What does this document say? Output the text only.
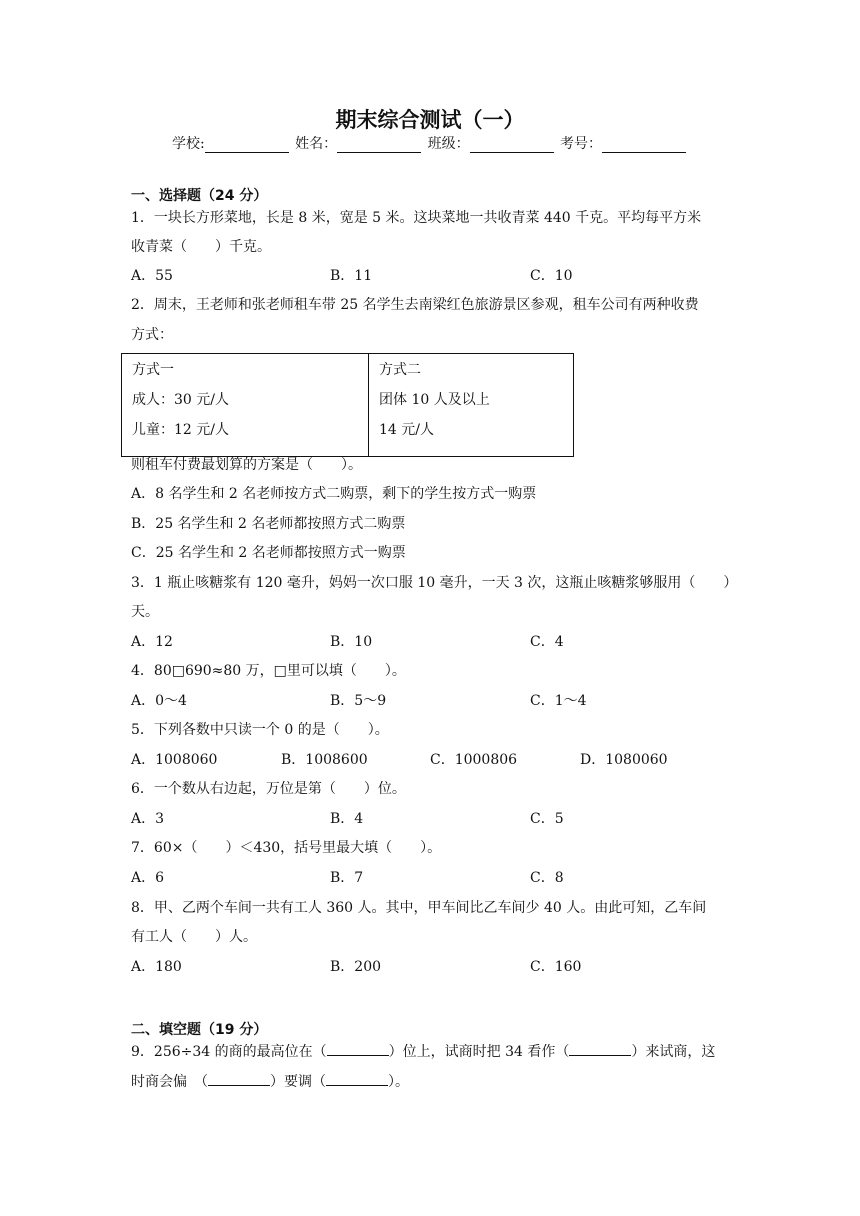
期末综合测试（一）
学校:	姓名：	班级：	考号：
一、选择题（24 分）
1．一块长方形菜地，长是 8 米，宽是 5 米。这块菜地一共收青菜 440 千克。平均每平方米
收青菜（　　）千克。
A．55	B．11	C．10
2．周末，王老师和张老师租车带 25 名学生去南梁红色旅游景区参观，租车公司有两种收费
方式：
方式一
成人：30 元/人
儿童：12 元/人

方式二
团体 10 人及以上
14 元/人
则租车付费最划算的方案是（　　）。
A．8 名学生和 2 名老师按方式二购票，剩下的学生按方式一购票
B．25 名学生和 2 名老师都按照方式二购票
C．25 名学生和 2 名老师都按照方式一购票
3．1 瓶止咳糖浆有 120 毫升，妈妈一次口服 10 毫升，一天 3 次，这瓶止咳糖浆够服用（　　）
天。
A．12	B．10	C．4
4．80□690≈80 万，□里可以填（　　）。
A．0～4	B．5～9	C．1～4
5．下列各数中只读一个 0 的是（　　）。
A．1008060	B．1008600	C．1000806	D．1080060
6．一个数从右边起，万位是第（　　）位。
A．3	B．4	C．5
7．60×（　　）＜430，括号里最大填（　　）。
A．6	B．7	C．8
8．甲、乙两个车间一共有工人 360 人。其中，甲车间比乙车间少 40 人。由此可知，乙车间
有工人（　　）人。
A．180	B．200	C．160
二、填空题（19 分）
9．256÷34 的商的最高位在（	）位上，试商时把 34 看作（	）来试商，这
时商会偏　（	）要调（	）。
